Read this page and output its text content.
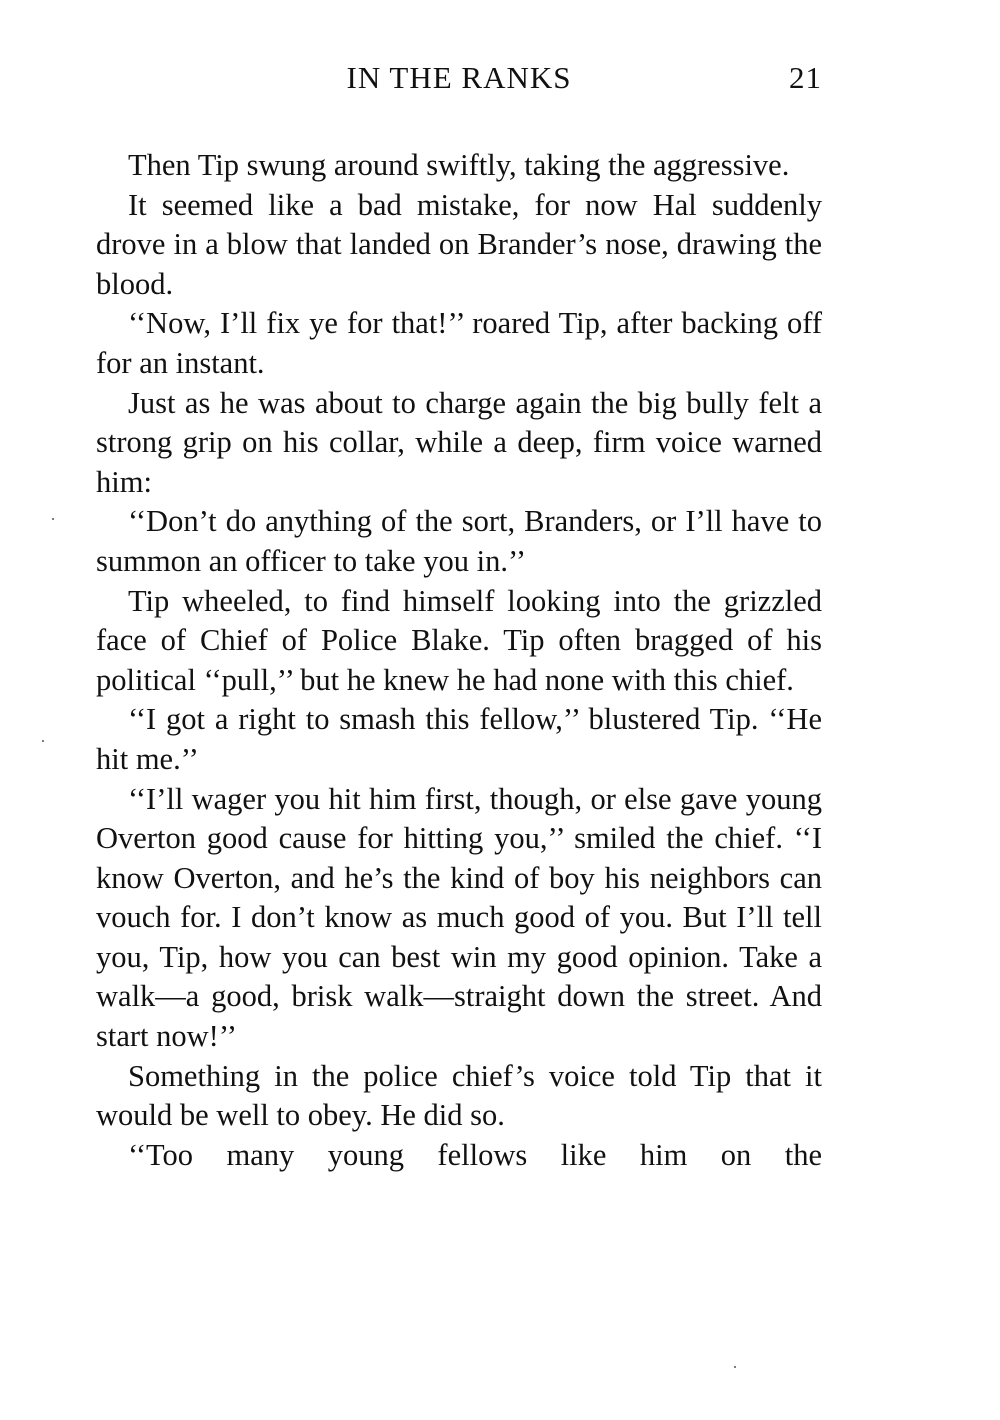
IN THE RANKS	21

Then Tip swung around swiftly, taking the aggressive.

It seemed like a bad mistake, for now Hal suddenly drove in a blow that landed on Brander’s nose, drawing the blood.

‘‘Now, I’ll fix ye for that!’’ roared Tip, after backing off for an instant.

Just as he was about to charge again the big bully felt a strong grip on his collar, while a deep, firm voice warned him:

‘‘Don’t do anything of the sort, Branders, or I’ll have to summon an officer to take you in.’’

Tip wheeled, to find himself looking into the grizzled face of Chief of Police Blake. Tip often bragged of his political ‘‘pull,’’ but he knew he had none with this chief.

‘‘I got a right to smash this fellow,’’ blustered Tip. ‘‘He hit me.’’

‘‘I’ll wager you hit him first, though, or else gave young Overton good cause for hitting you,’’ smiled the chief. ‘‘I know Overton, and he’s the kind of boy his neighbors can vouch for. I don’t know as much good of you. But I’ll tell you, Tip, how you can best win my good opinion. Take a walk—a good, brisk walk—straight down the street. And start now!’’

Something in the police chief’s voice told Tip that it would be well to obey. He did so.

‘‘Too many young fellows like him on the
